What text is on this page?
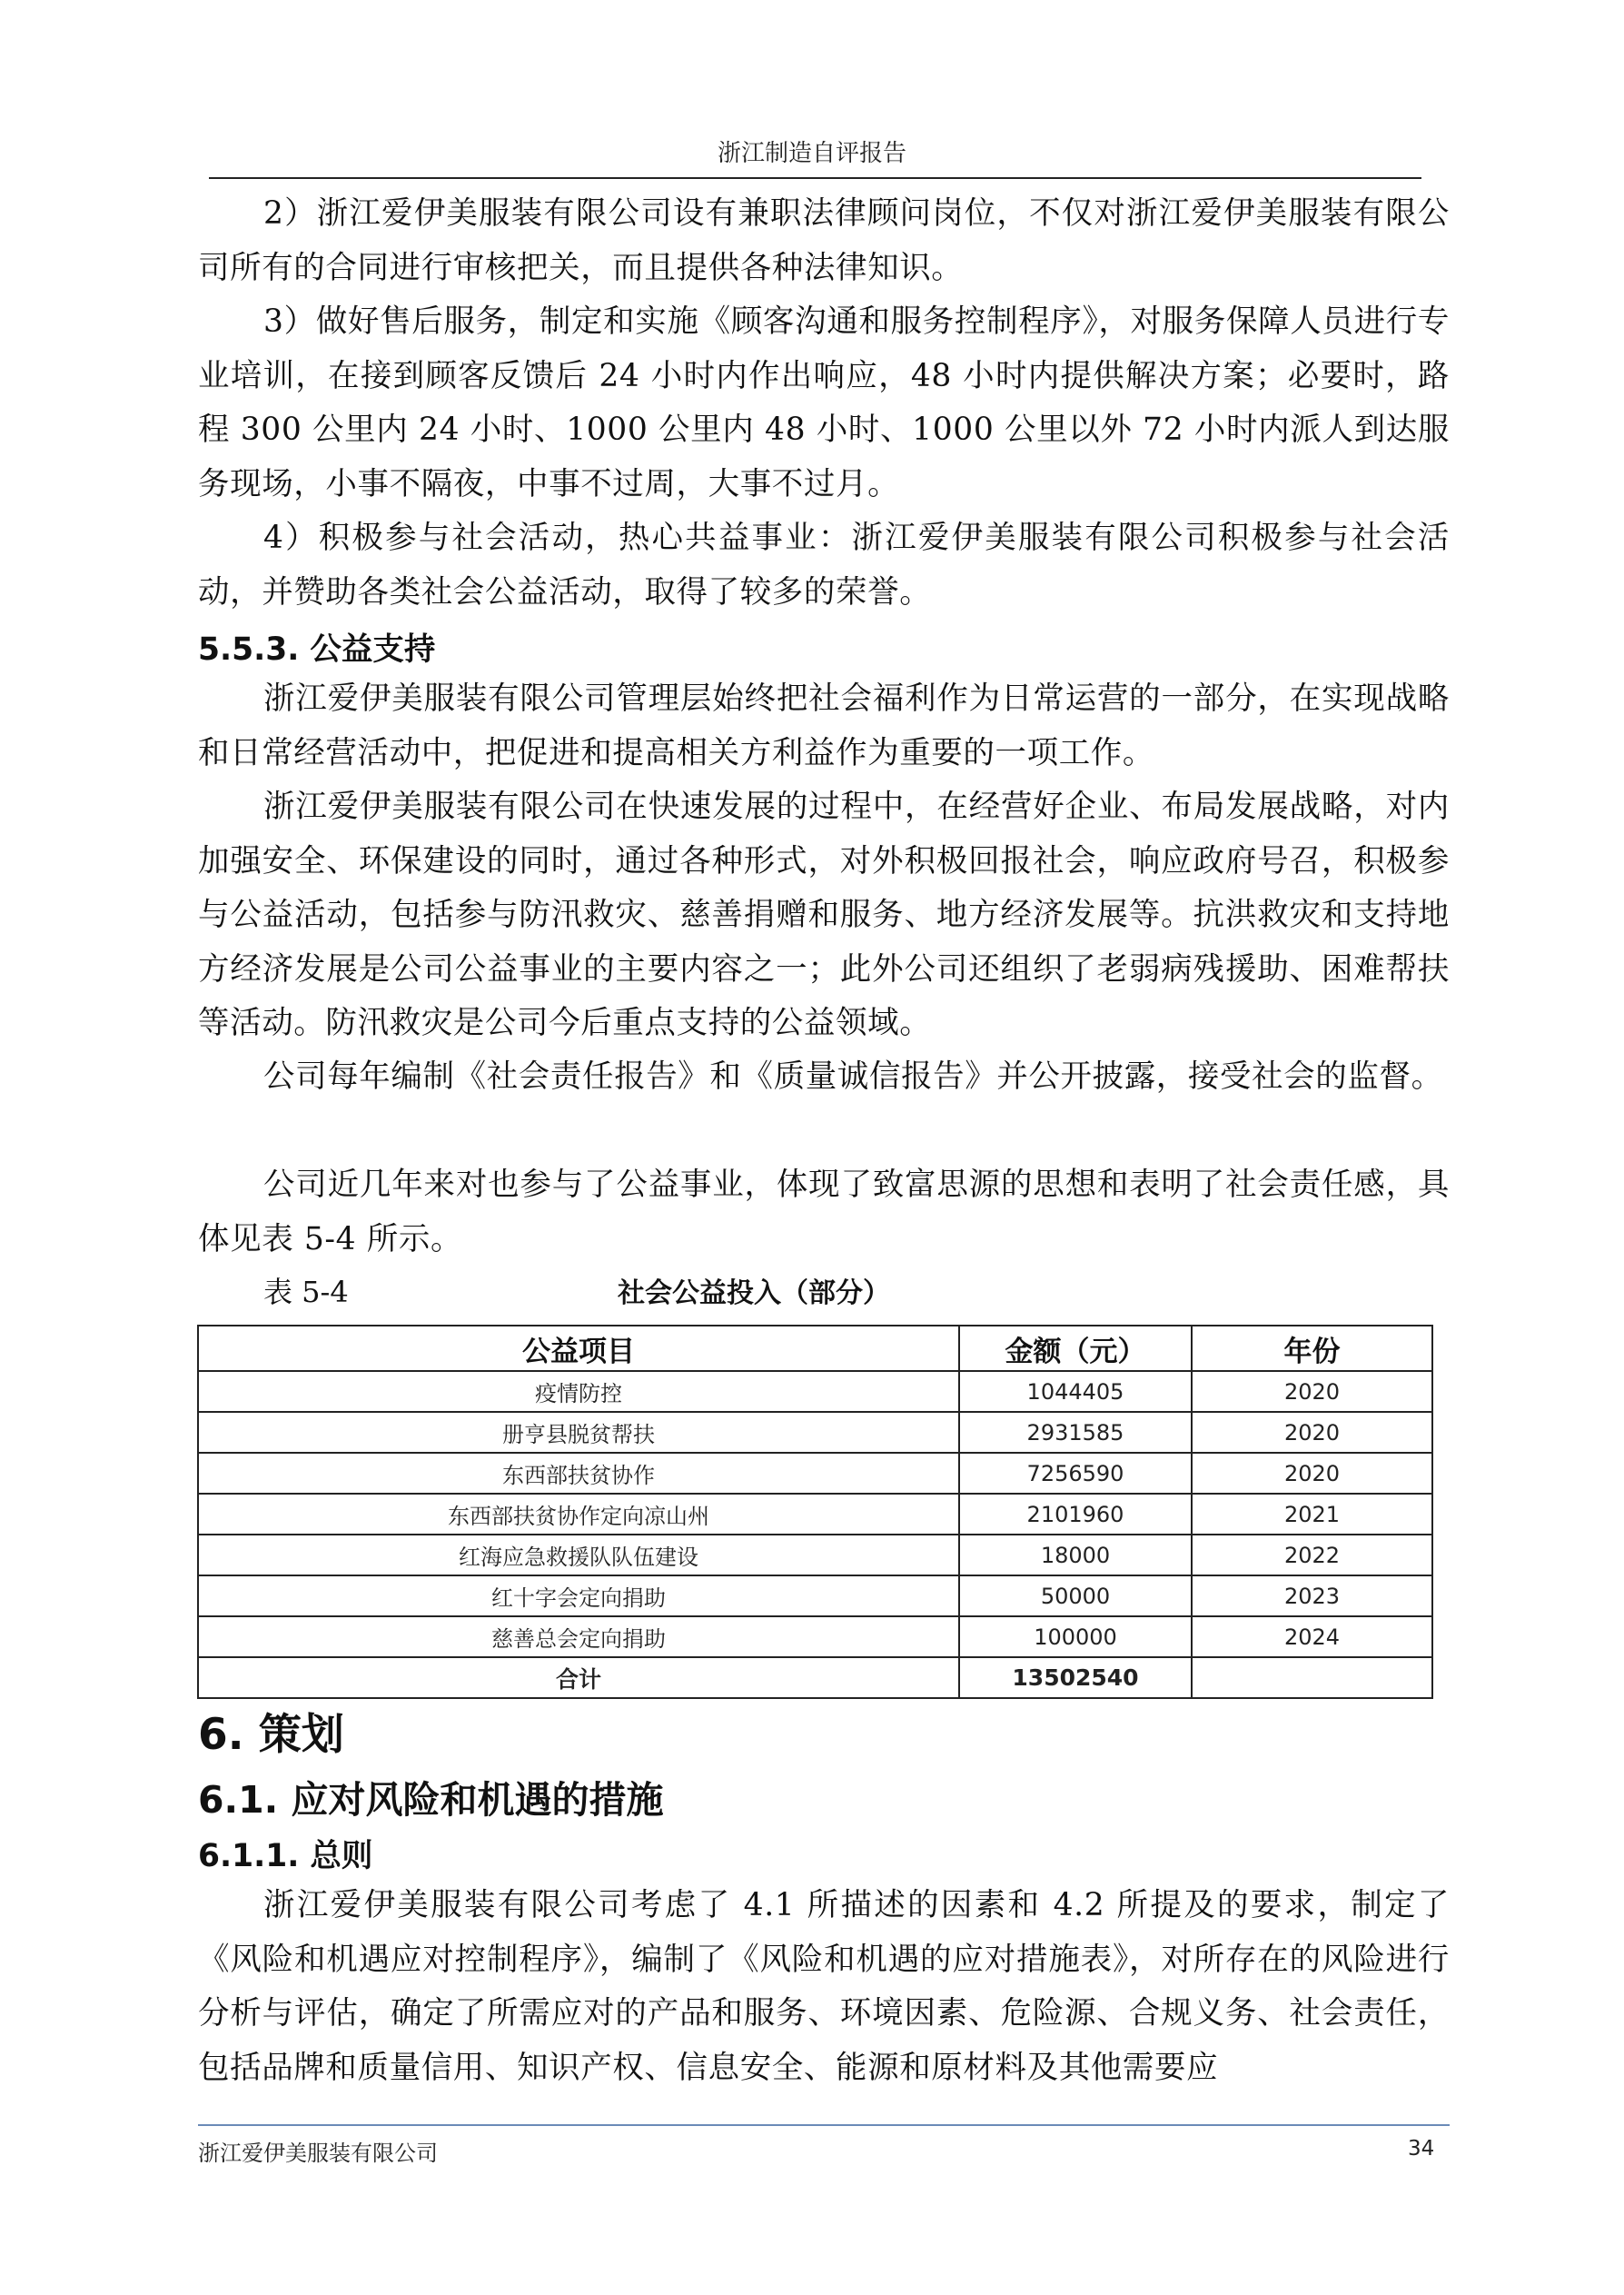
浙江制造自评报告

2）浙江爱伊美服装有限公司设有兼职法律顾问岗位，不仅对浙江爱伊美服装有限公司所有的合同进行审核把关，而且提供各种法律知识。

3）做好售后服务，制定和实施《顾客沟通和服务控制程序》，对服务保障人员进行专业培训，在接到顾客反馈后 24 小时内作出响应，48 小时内提供解决方案；必要时，路程 300 公里内 24 小时、1000 公里内 48 小时、1000 公里以外 72 小时内派人到达服务现场，小事不隔夜，中事不过周，大事不过月。

4）积极参与社会活动，热心共益事业：浙江爱伊美服装有限公司积极参与社会活动，并赞助各类社会公益活动，取得了较多的荣誉。

5.5.3. 公益支持

浙江爱伊美服装有限公司管理层始终把社会福利作为日常运营的一部分，在实现战略和日常经营活动中，把促进和提高相关方利益作为重要的一项工作。

浙江爱伊美服装有限公司在快速发展的过程中，在经营好企业、布局发展战略，对内加强安全、环保建设的同时，通过各种形式，对外积极回报社会，响应政府号召，积极参与公益活动，包括参与防汛救灾、慈善捐赠和服务、地方经济发展等。抗洪救灾和支持地方经济发展是公司公益事业的主要内容之一；此外公司还组织了老弱病残援助、困难帮扶等活动。防汛救灾是公司今后重点支持的公益领域。

公司每年编制《社会责任报告》和《质量诚信报告》并公开披露，接受社会的监督。

公司近几年来对也参与了公益事业，体现了致富思源的思想和表明了社会责任感，具体见表 5-4 所示。

表 5-4	社会公益投入（部分）
公益项目	金额（元）	年份
疫情防控	1044405	2020
册亨县脱贫帮扶	2931585	2020
东西部扶贫协作	7256590	2020
东西部扶贫协作定向凉山州	2101960	2021
红海应急救援队队伍建设	18000	2022
红十字会定向捐助	50000	2023
慈善总会定向捐助	100000	2024
合计	13502540	
6. 策划
6.1. 应对风险和机遇的措施
6.1.1. 总则

浙江爱伊美服装有限公司考虑了 4.1 所描述的因素和 4.2 所提及的要求，制定了《风险和机遇应对控制程序》，编制了《风险和机遇的应对措施表》，对所存在的风险进行分析与评估，确定了所需应对的产品和服务、环境因素、危险源、合规义务、社会责任，包括品牌和质量信用、知识产权、信息安全、能源和原材料及其他需要应

浙江爱伊美服装有限公司	34
